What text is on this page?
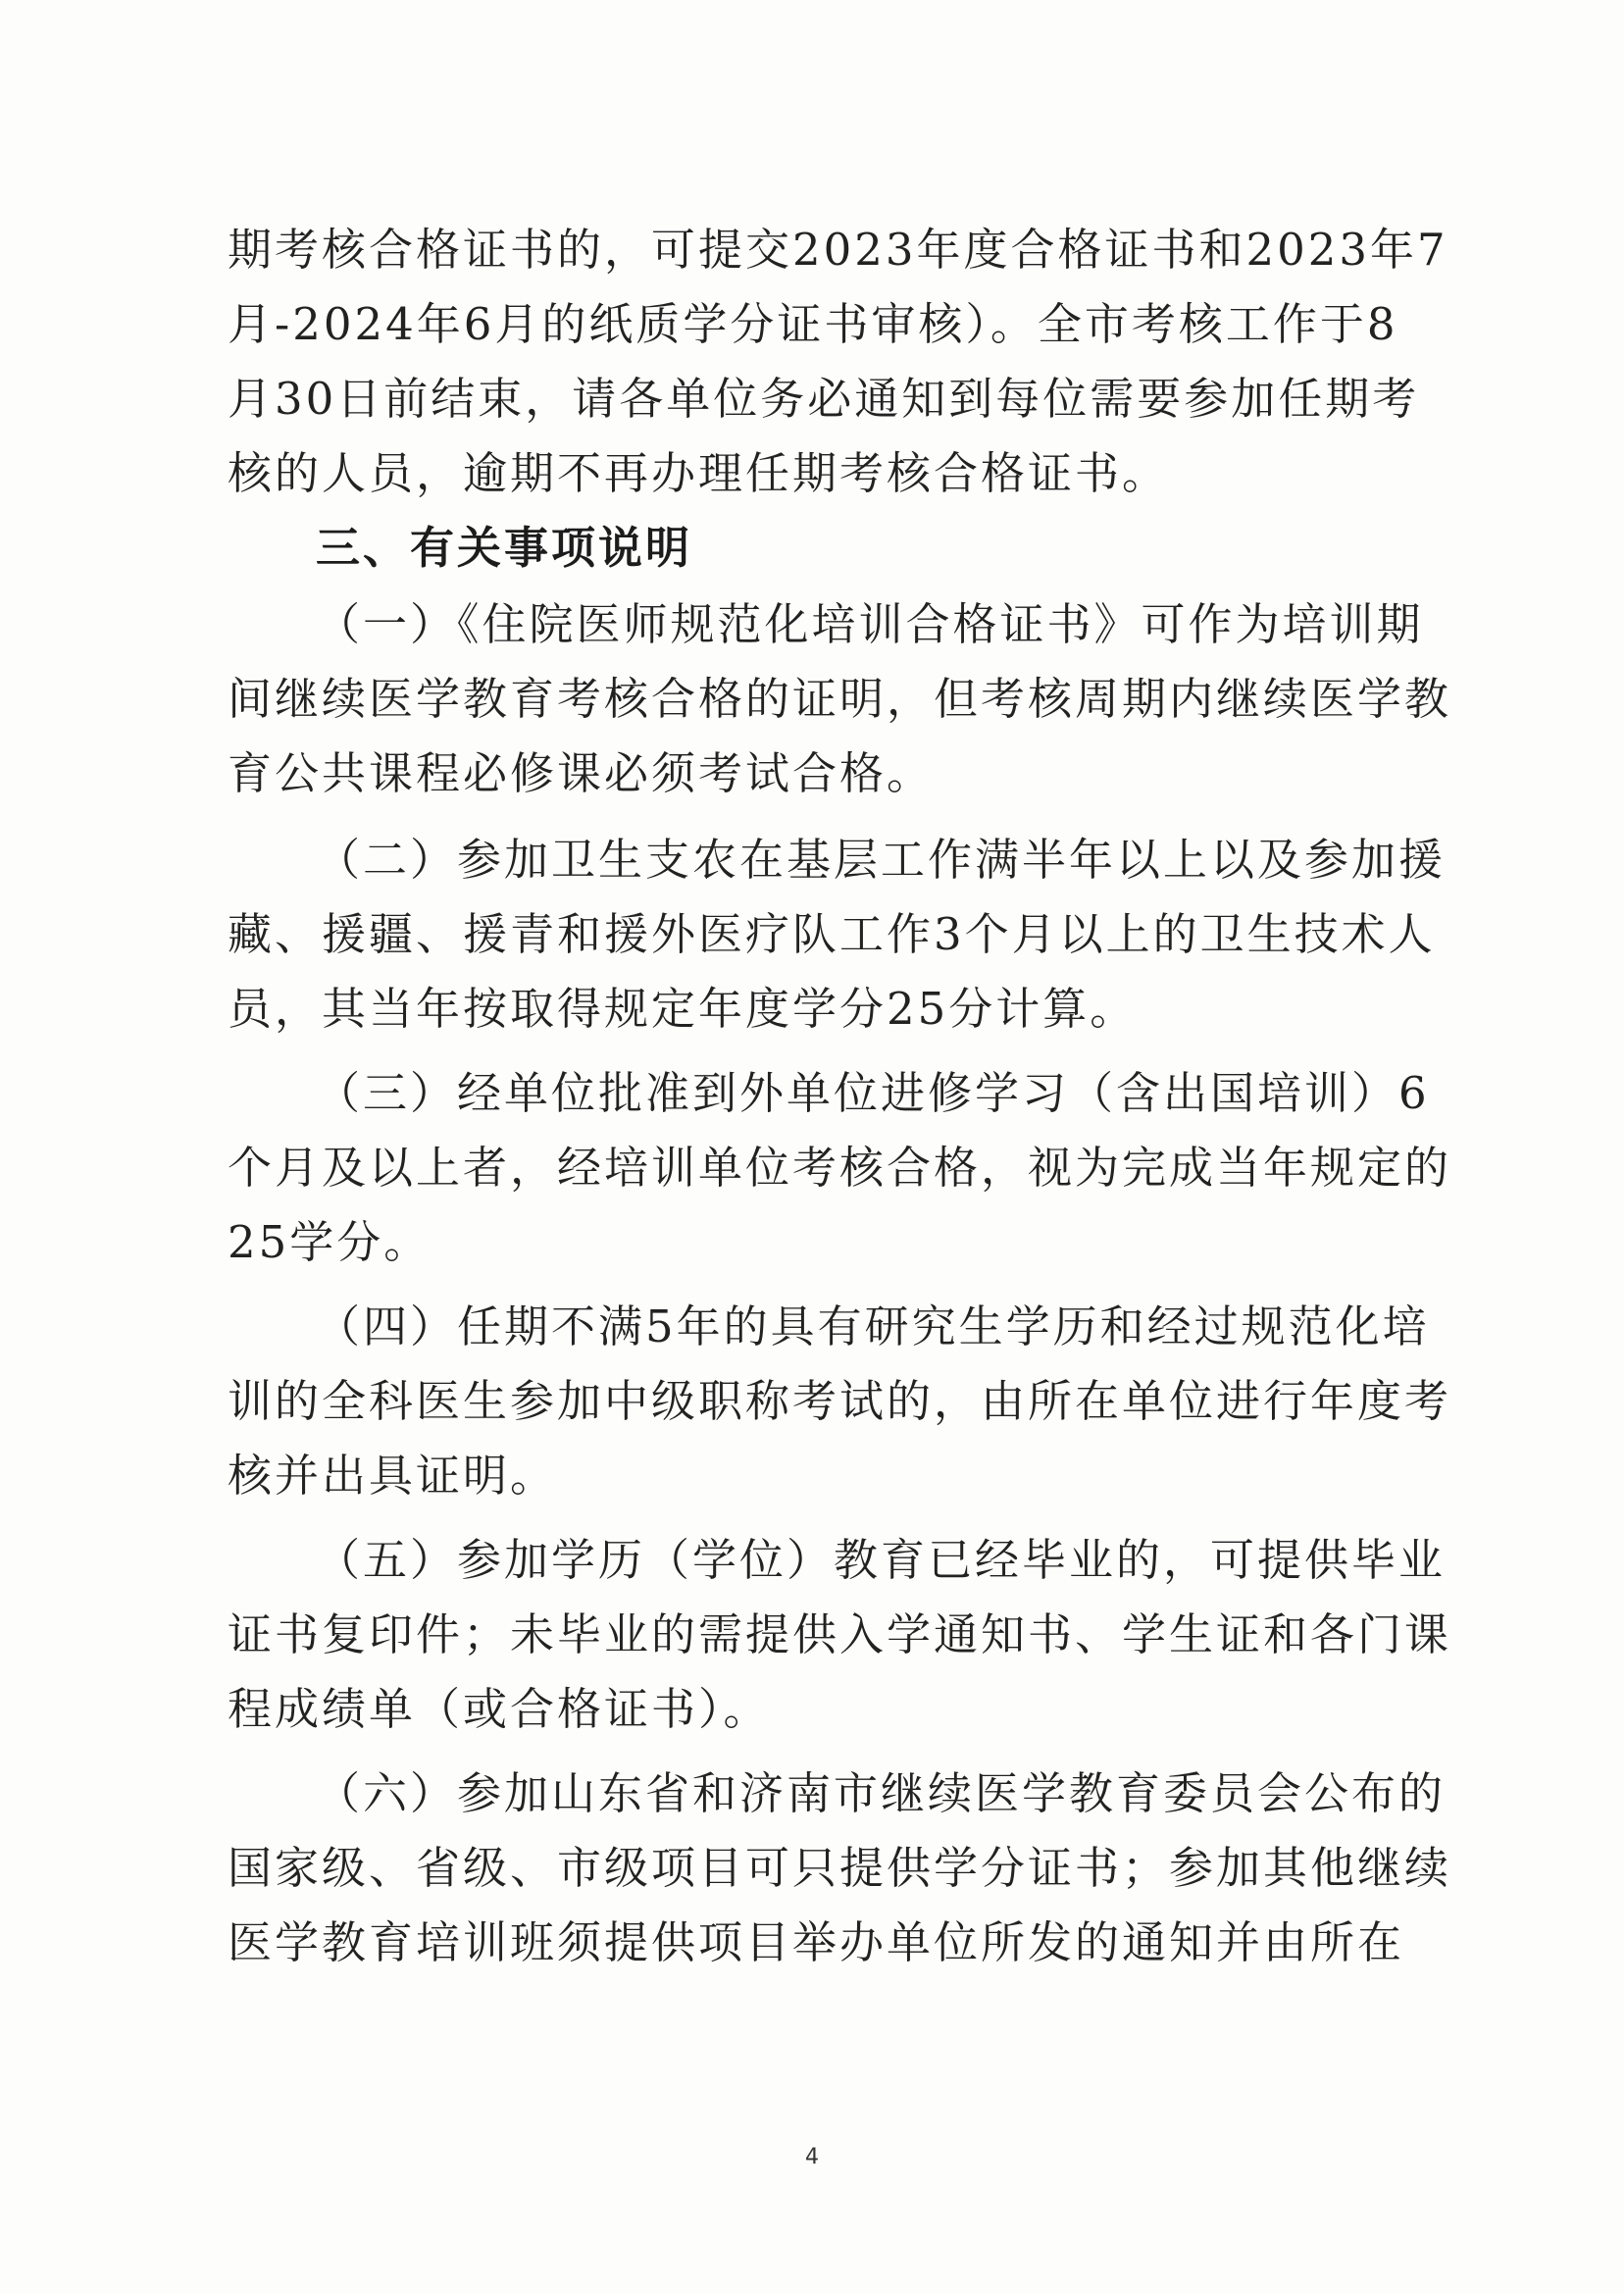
期考核合格证书的，可提交2023年度合格证书和2023年7
月-2024年6月的纸质学分证书审核）。全市考核工作于8
月30日前结束，请各单位务必通知到每位需要参加任期考
核的人员，逾期不再办理任期考核合格证书。
三、有关事项说明
（一）《住院医师规范化培训合格证书》可作为培训期
间继续医学教育考核合格的证明，但考核周期内继续医学教
育公共课程必修课必须考试合格。
（二）参加卫生支农在基层工作满半年以上以及参加援
藏、援疆、援青和援外医疗队工作3个月以上的卫生技术人
员，其当年按取得规定年度学分25分计算。
（三）经单位批准到外单位进修学习（含出国培训）6
个月及以上者，经培训单位考核合格，视为完成当年规定的
25学分。
（四）任期不满5年的具有研究生学历和经过规范化培
训的全科医生参加中级职称考试的，由所在单位进行年度考
核并出具证明。
（五）参加学历（学位）教育已经毕业的，可提供毕业
证书复印件；未毕业的需提供入学通知书、学生证和各门课
程成绩单（或合格证书）。
（六）参加山东省和济南市继续医学教育委员会公布的
国家级、省级、市级项目可只提供学分证书；参加其他继续
医学教育培训班须提供项目举办单位所发的通知并由所在
4
